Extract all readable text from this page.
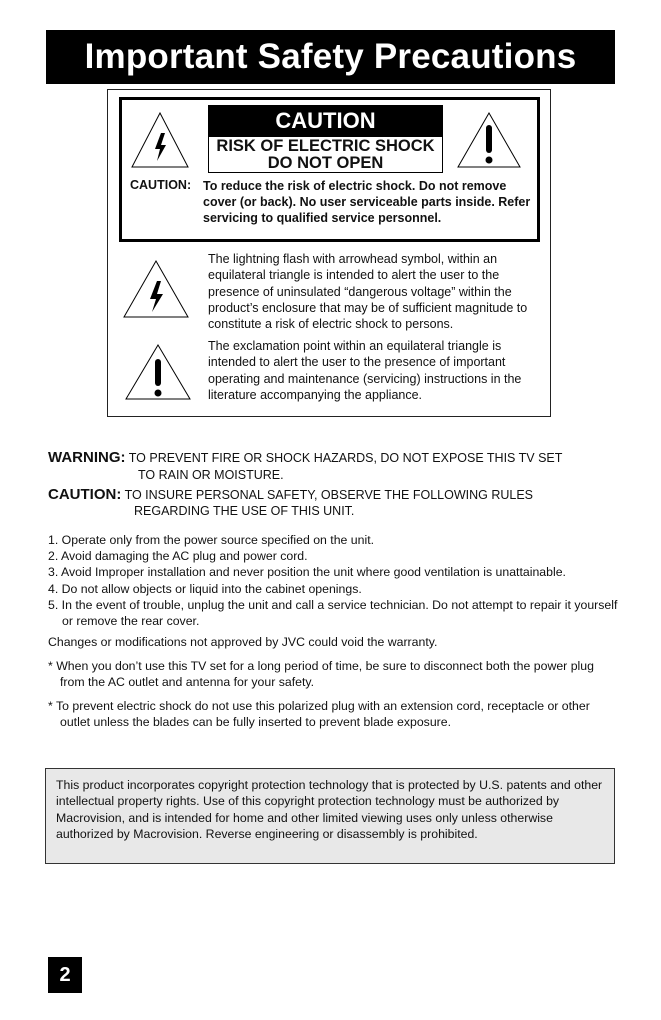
Important Safety Precautions
CAUTION
RISK OF ELECTRIC SHOCK
DO NOT OPEN
CAUTION: To reduce the risk of electric shock. Do not remove cover (or back). No user serviceable parts inside. Refer servicing to qualified service personnel.
The lightning flash with arrowhead symbol, within an equilateral triangle is intended to alert the user to the presence of uninsulated “dangerous voltage” within the product’s enclosure that may be of sufficient magnitude to constitute a risk of electric shock to persons.
The exclamation point within an equilateral triangle is intended to alert the user to the presence of important operating and maintenance (servicing) instructions in the literature accompanying the appliance.
WARNING: TO PREVENT FIRE OR SHOCK HAZARDS, DO NOT EXPOSE THIS TV SET
TO RAIN OR MOISTURE.
CAUTION: TO INSURE PERSONAL SAFETY, OBSERVE THE FOLLOWING RULES
REGARDING THE USE OF THIS UNIT.
1. Operate only from the power source specified on the unit.
2. Avoid damaging the AC plug and power cord.
3. Avoid Improper installation and never position the unit where good ventilation is unattainable.
4. Do not allow objects or liquid into the cabinet openings.
5. In the event of trouble, unplug the unit and call a service technician. Do not attempt to repair it yourself or remove the rear cover.
Changes or modifications not approved by JVC could void the warranty.
* When you don’t use this TV set for a long period of time, be sure to disconnect both the power plug from the AC outlet and antenna for your safety.
* To prevent electric shock do not use this polarized plug with an extension cord, receptacle or other outlet unless the blades can be fully inserted to prevent blade exposure.
This product incorporates copyright protection technology that is protected by U.S. patents and other intellectual property rights. Use of this copyright protection technology must be authorized by Macrovision, and is intended for home and other limited viewing uses only unless otherwise authorized by Macrovision. Reverse engineering or disassembly is prohibited.
2
